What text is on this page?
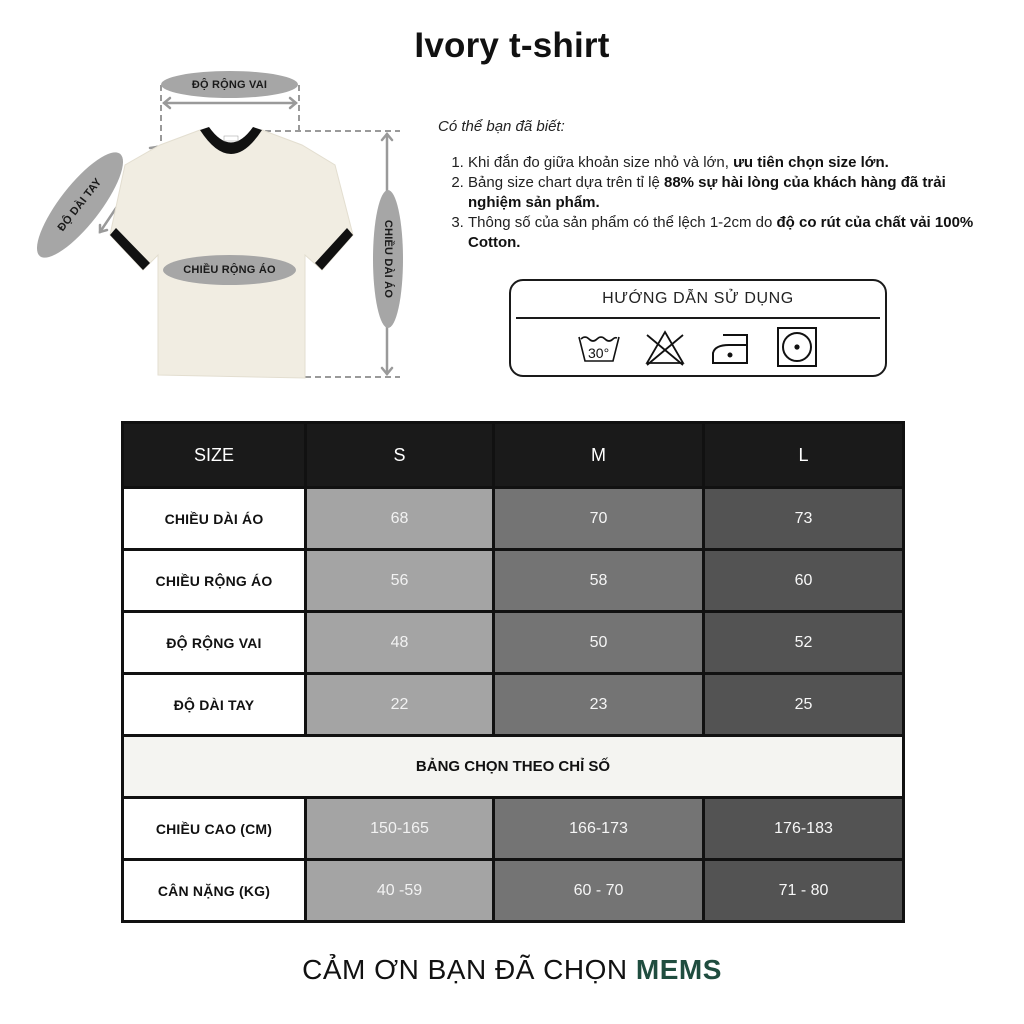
Ivory t-shirt
ĐỘ RỘNG VAI
ĐỘ DÀI TAY
CHIỀU RỘNG ÁO	CHIỀU DÀI ÁO
Có thể bạn đã biết:
1. Khi đắn đo giữa khoản size nhỏ và lớn, ưu tiên chọn size lớn.
2. Bảng size chart dựa trên tỉ lệ 88% sự hài lòng của khách hàng đã trải nghiệm sản phẩm.
3. Thông số của sản phẩm có thể lệch 1-2cm do độ co rút của chất vải 100% Cotton.
HƯỚNG DẪN SỬ DỤNG
30°
SIZE	S	M	L
CHIỀU DÀI ÁO	68	70	73
CHIỀU RỘNG ÁO	56	58	60
ĐỘ RỘNG VAI	48	50	52
ĐỘ DÀI TAY	22	23	25
BẢNG CHỌN THEO CHỈ SỐ			
CHIỀU CAO (CM)	150-165	166-173	176-183
CÂN NẶNG (KG)	40 -59	60 - 70	71 - 80
CẢM ƠN BẠN ĐÃ CHỌN MEMS
